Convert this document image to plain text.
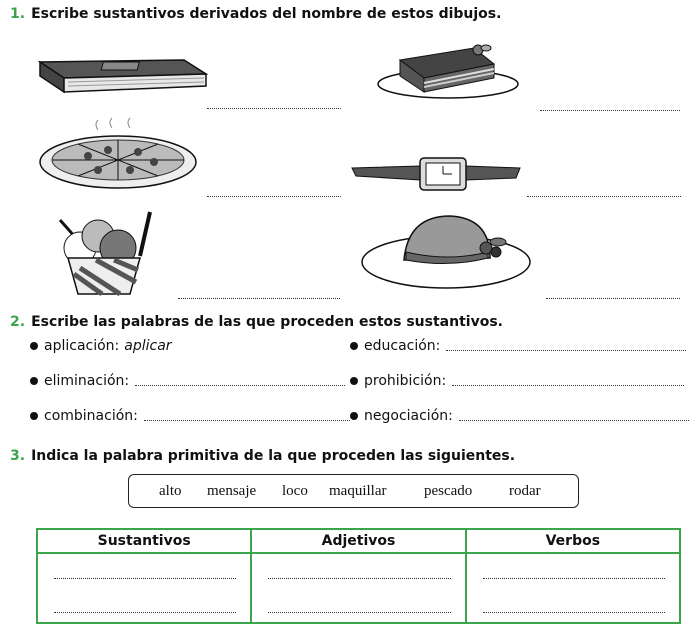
1. Escribe sustantivos derivados del nombre de estos dibujos.
2. Escribe las palabras de las que proceden estos sustantivos.
aplicación: aplicar	educación:
eliminación:	prohibición:
combinación:	negociación:
3. Indica la palabra primitiva de la que proceden las siguientes.
alto mensaje loco maquillar	pescado rodar
Sustantivos	Adjetivos	Verbos
